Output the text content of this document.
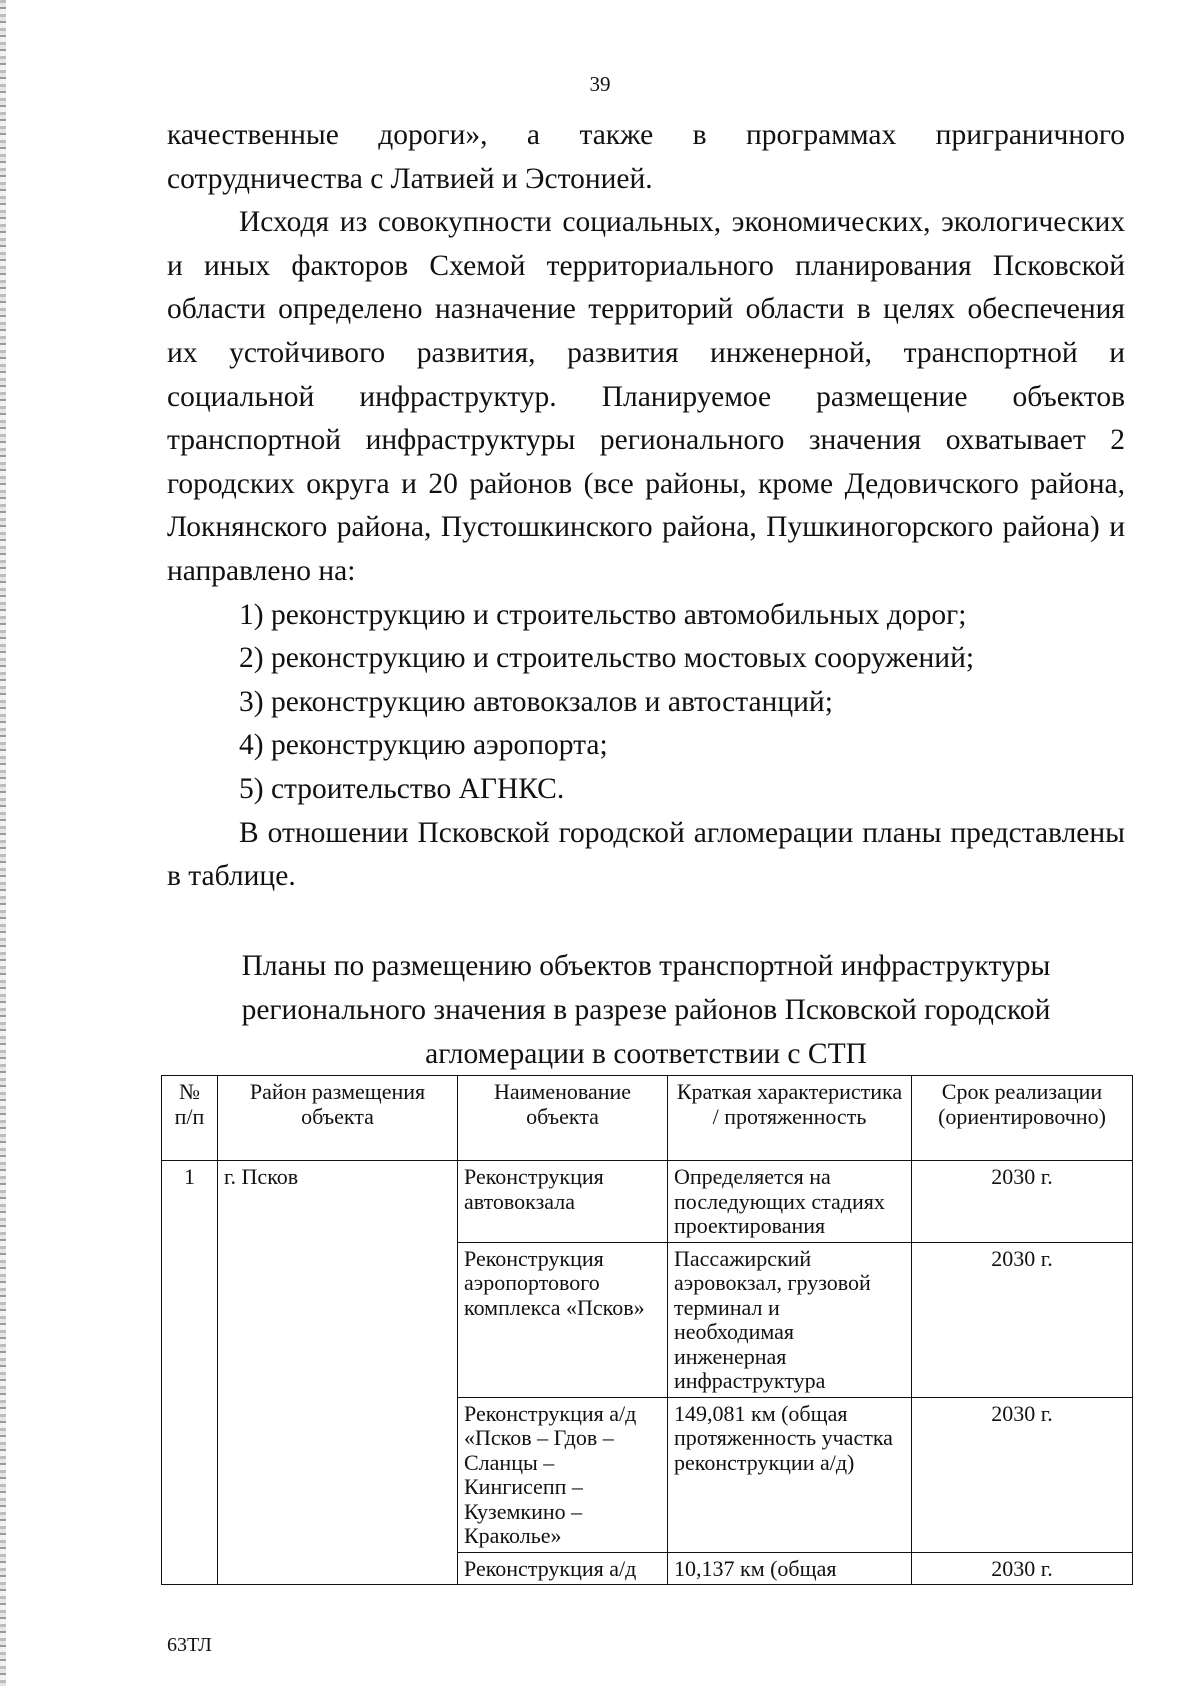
39

качественные дороги», а также в программах приграничного сотрудничества с Латвией и Эстонией.

Исходя из совокупности социальных, экономических, экологических и иных факторов Схемой территориального планирования Псковской области определено назначение территорий области в целях обеспечения их устойчивого развития, развития инженерной, транспортной и социальной инфраструктур. Планируемое размещение объектов транспортной инфраструктуры регионального значения охватывает 2 городских округа и 20 районов (все районы, кроме Дедовичского района, Локнянского района, Пустошкинского района, Пушкиногорского района) и направлено на:

1) реконструкцию и строительство автомобильных дорог;

2) реконструкцию и строительство мостовых сооружений;

3) реконструкцию автовокзалов и автостанций;

4) реконструкцию аэропорта;

5) строительство АГНКС.

В отношении Псковской городской агломерации планы представлены в таблице.

Планы по размещению объектов транспортной инфраструктуры
регионального значения в разрезе районов Псковской городской
агломерации в соответствии с СТП
№ п/п	Район размещения объекта	Наименование объекта	Краткая характеристика / протяженность	Срок реализации (ориентировочно)
1	г. Псков	Реконструкция автовокзала	Определяется на последующих стадиях проектирования	2030 г.
		Реконструкция аэропортового комплекса «Псков»	Пассажирский аэровокзал, грузовой терминал и необходимая инженерная инфраструктура	2030 г.
		Реконструкция а/д «Псков – Гдов – Сланцы – Кингисепп – Куземкино – Краколье»	149,081 км (общая протяженность участка реконструкции а/д)	2030 г.
		Реконструкция а/д	10,137 км (общая	2030 г.
63ТЛ
